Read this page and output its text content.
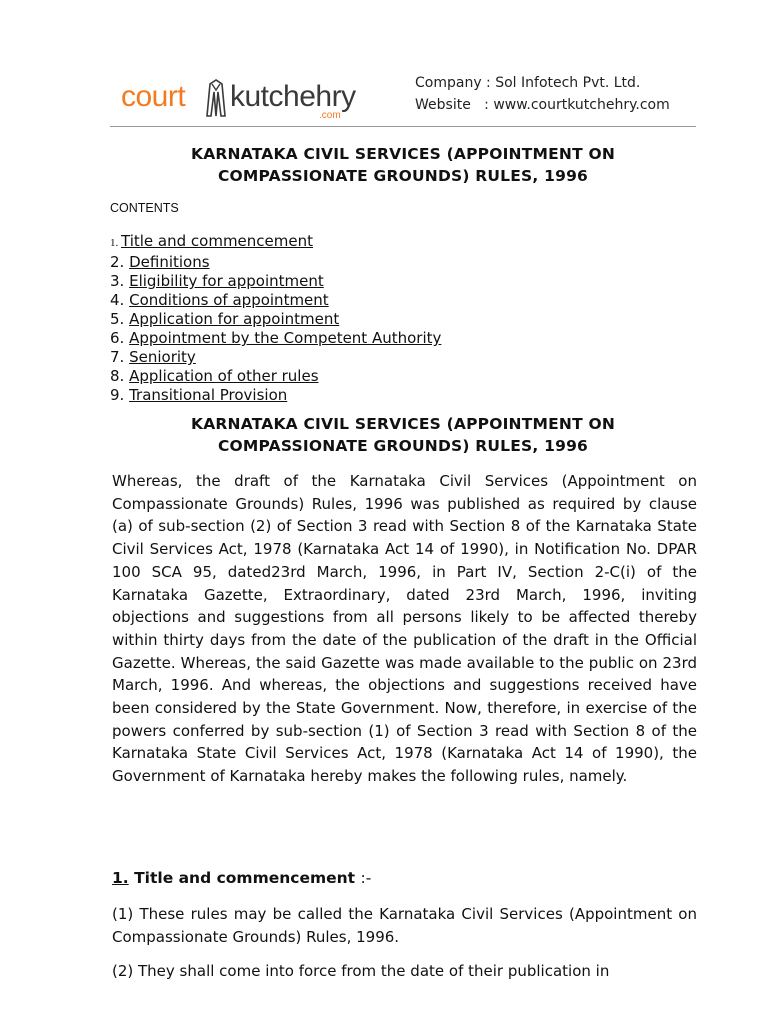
court kutchehry
.com
Company : Sol Infotech Pvt. Ltd.
Website   : www.courtkutchehry.com
KARNATAKA CIVIL SERVICES (APPOINTMENT ON
COMPASSIONATE GROUNDS) RULES, 1996
CONTENTS
1. Title and commencement
2. Definitions
3. Eligibility for appointment
4. Conditions of appointment
5. Application for appointment
6. Appointment by the Competent Authority
7. Seniority
8. Application of other rules
9. Transitional Provision
KARNATAKA CIVIL SERVICES (APPOINTMENT ON
COMPASSIONATE GROUNDS) RULES, 1996

Whereas, the draft of the Karnataka Civil Services (Appointment on Compassionate Grounds) Rules, 1996 was published as required by clause (a) of sub-section (2) of Section 3 read with Section 8 of the Karnataka State Civil Services Act, 1978 (Karnataka Act 14 of 1990), in Notification No. DPAR 100 SCA 95, dated23rd March, 1996, in Part IV, Section 2-C(i) of the Karnataka Gazette, Extraordinary, dated 23rd March, 1996, inviting objections and suggestions from all persons likely to be affected thereby within thirty days from the date of the publication of the draft in the Official Gazette. Whereas, the said Gazette was made available to the public on 23rd March, 1996. And whereas, the objections and suggestions received have been considered by the State Government. Now, therefore, in exercise of the powers conferred by sub-section (1) of Section 3 read with Section 8 of the Karnataka State Civil Services Act, 1978 (Karnataka Act 14 of 1990), the Government of Karnataka hereby makes the following rules, namely.

1. Title and commencement :-

(1) These rules may be called the Karnataka Civil Services (Appointment on Compassionate Grounds) Rules, 1996.

(2) They shall come into force from the date of their publication in
